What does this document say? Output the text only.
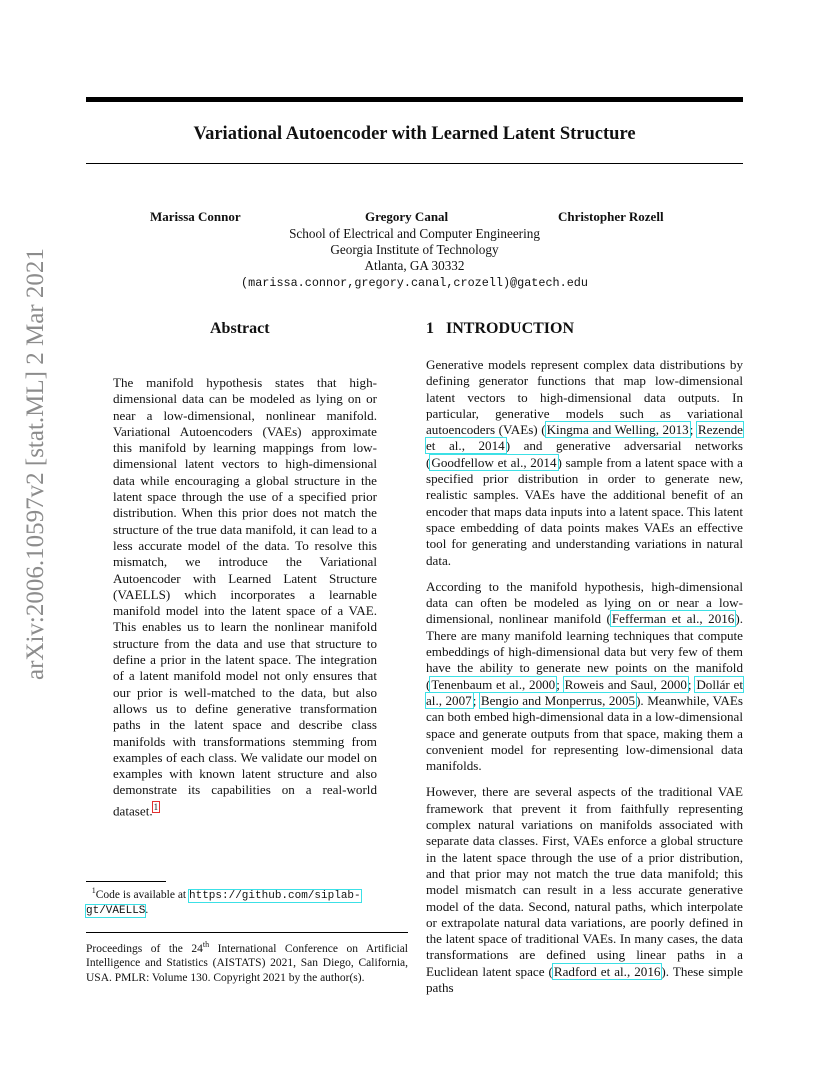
arXiv:2006.10597v2 [stat.ML] 2 Mar 2021
Variational Autoencoder with Learned Latent Structure
Marissa Connor	Gregory Canal	Christopher Rozell
School of Electrical and Computer Engineering
Georgia Institute of Technology
Atlanta, GA 30332
(marissa.connor,gregory.canal,crozell)@gatech.edu
Abstract	1   INTRODUCTION
The manifold hypothesis states that high-dimensional data can be modeled as lying on or near a low-dimensional, nonlinear manifold. Variational Autoencoders (VAEs) approximate this manifold by learning mappings from low-dimensional latent vectors to high-dimensional data while encouraging a global structure in the latent space through the use of a specified prior distribution. When this prior does not match the structure of the true data manifold, it can lead to a less accurate model of the data. To resolve this mismatch, we introduce the Variational Autoencoder with Learned Latent Structure (VAELLS) which incorporates a learnable manifold model into the latent space of a VAE. This enables us to learn the nonlinear manifold structure from the data and use that structure to define a prior in the latent space. The integration of a latent manifold model not only ensures that our prior is well-matched to the data, but also allows us to define generative transformation paths in the latent space and describe class manifolds with transformations stemming from examples of each class. We validate our model on examples with known latent structure and also demonstrate its capabilities on a real-world dataset.$^1$
$^1$Code is available at https://github.com/siplab-gt/VAELLS.
Proceedings of the 24th International Conference on Artificial Intelligence and Statistics (AISTATS) 2021, San Diego, California, USA. PMLR: Volume 130. Copyright 2021 by the author(s).

Generative models represent complex data distributions by defining generator functions that map low-dimensional latent vectors to high-dimensional data outputs. In particular, generative models such as variational autoencoders (VAEs) (Kingma and Welling, 2013; Rezende et al., 2014) and generative adversarial networks (Goodfellow et al., 2014) sample from a latent space with a specified prior distribution in order to generate new, realistic samples. VAEs have the additional benefit of an encoder that maps data inputs into a latent space. This latent space embedding of data points makes VAEs an effective tool for generating and understanding variations in natural data.

According to the manifold hypothesis, high-dimensional data can often be modeled as lying on or near a low-dimensional, nonlinear manifold (Fefferman et al., 2016). There are many manifold learning techniques that compute embeddings of high-dimensional data but very few of them have the ability to generate new points on the manifold (Tenenbaum et al., 2000; Roweis and Saul, 2000; Dollár et al., 2007; Bengio and Monperrus, 2005). Meanwhile, VAEs can both embed high-dimensional data in a low-dimensional space and generate outputs from that space, making them a convenient model for representing low-dimensional data manifolds.

However, there are several aspects of the traditional VAE framework that prevent it from faithfully representing complex natural variations on manifolds associated with separate data classes. First, VAEs enforce a global structure in the latent space through the use of a prior distribution, and that prior may not match the true data manifold; this model mismatch can result in a less accurate generative model of the data. Second, natural paths, which interpolate or extrapolate natural data variations, are poorly defined in the latent space of traditional VAEs. In many cases, the data transformations are defined using linear paths in a Euclidean latent space (Radford et al., 2016). These simple paths
